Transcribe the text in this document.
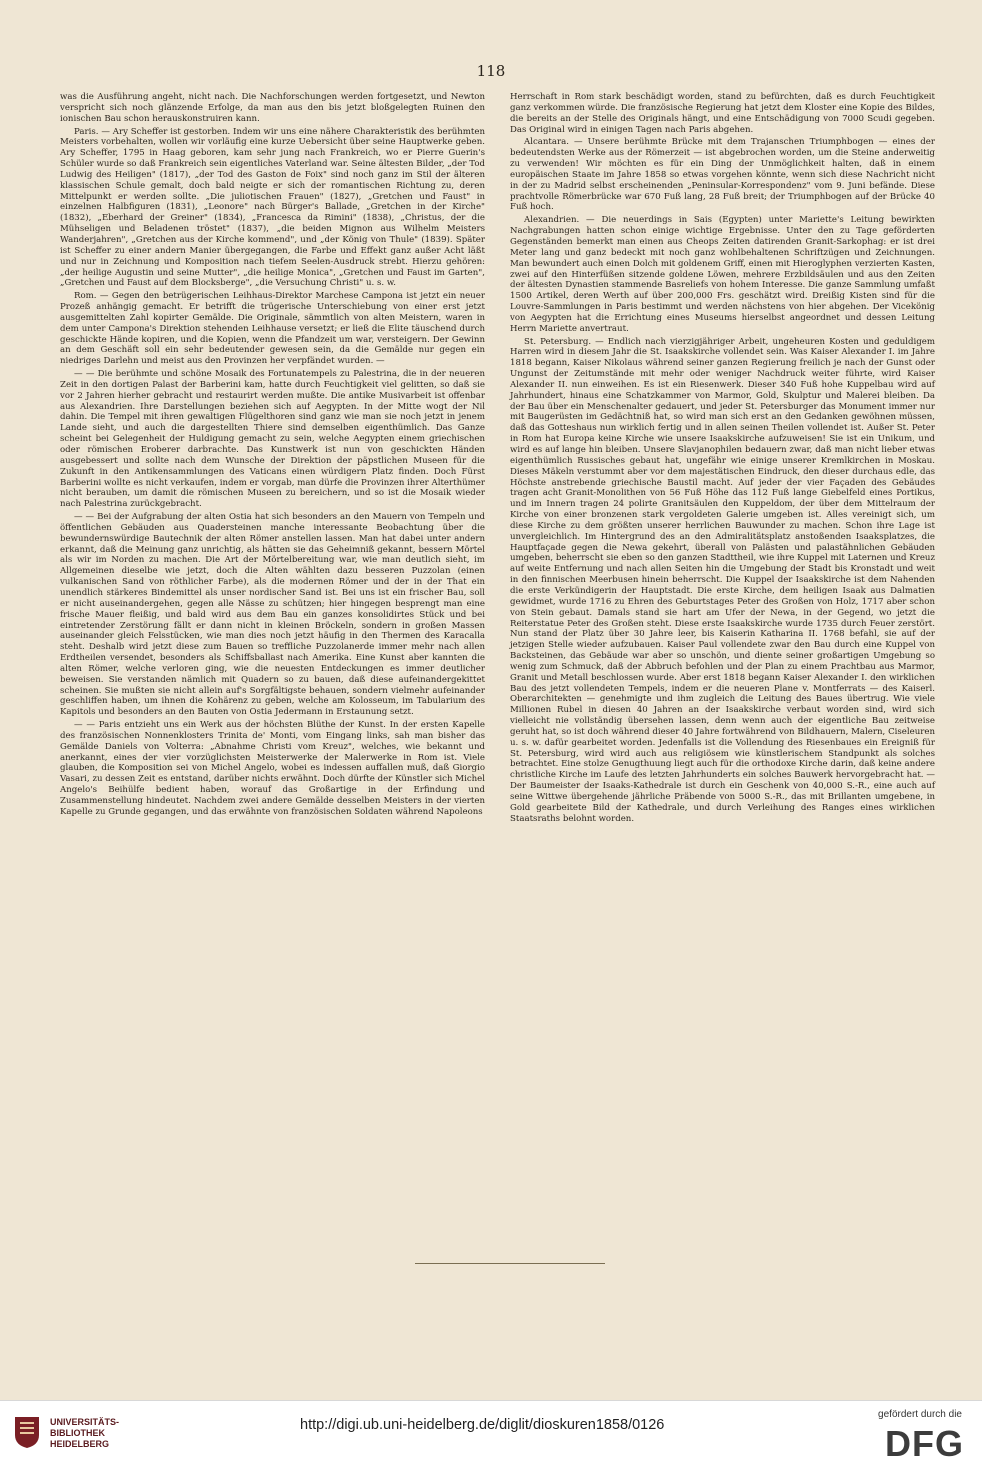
118

was die Ausführung angeht, nicht nach. Die Nachforschungen werden fortgesetzt, und Newton verspricht sich noch glänzende Erfolge, da man aus den bis jetzt bloßgelegten Ruinen den ionischen Bau schon herauskonstruiren kann.

Paris. — Ary Scheffer ist gestorben. Indem wir uns eine nähere Charakteristik des berühmten Meisters vorbehalten, wollen wir vorläufig eine kurze Uebersicht über seine Hauptwerke geben. Ary Scheffer, 1795 in Haag geboren, kam sehr jung nach Frankreich, wo er Pierre Guerin's Schüler wurde so daß Frankreich sein eigentliches Vaterland war. Seine ältesten Bilder, „der Tod Ludwig des Heiligen" (1817), „der Tod des Gaston de Foix" sind noch ganz im Stil der älteren klassischen Schule gemalt, doch bald neigte er sich der romantischen Richtung zu, deren Mittelpunkt er werden sollte. „Die juliotischen Frauen" (1827), „Gretchen und Faust" in einzelnen Halbfiguren (1831), „Leonore" nach Bürger's Ballade, „Gretchen in der Kirche" (1832), „Eberhard der Greiner" (1834), „Francesca da Rimini" (1838), „Christus, der die Mühseligen und Beladenen tröstet" (1837), „die beiden Mignon aus Wilhelm Meisters Wanderjahren", „Gretchen aus der Kirche kommend", und „der König von Thule" (1839). Später ist Scheffer zu einer andern Manier übergegangen, die Farbe und Effekt ganz außer Acht läßt und nur in Zeichnung und Komposition nach tiefem Seelen-Ausdruck strebt. Hierzu gehören: „der heilige Augustin und seine Mutter", „die heilige Monica", „Gretchen und Faust im Garten", „Gretchen und Faust auf dem Blocksberge", „die Versuchung Christi" u. s. w.

Rom. — Gegen den betrügerischen Leihhaus-Direktor Marchese Campona ist jetzt ein neuer Prozeß anhängig gemacht. Er betrifft die trügerische Unterschiebung von einer erst jetzt ausgemittelten Zahl kopirter Gemälde. Die Originale, sämmtlich von alten Meistern, waren in dem unter Campona's Direktion stehenden Leihhause versetzt; er ließ die Elite täuschend durch geschickte Hände kopiren, und die Kopien, wenn die Pfandzeit um war, versteigern. Der Gewinn an dem Geschäft soll ein sehr bedeutender gewesen sein, da die Gemälde nur gegen ein niedriges Darlehn und meist aus den Provinzen her verpfändet wurden. —

— — Die berühmte und schöne Mosaik des Fortunatempels zu Palestrina, die in der neueren Zeit in den dortigen Palast der Barberini kam, hatte durch Feuchtigkeit viel gelitten, so daß sie vor 2 Jahren hierher gebracht und restaurirt werden mußte. Die antike Musivarbeit ist offenbar aus Alexandrien. Ihre Darstellungen beziehen sich auf Aegypten. In der Mitte wogt der Nil dahin. Die Tempel mit ihren gewaltigen Flügelthoren sind ganz wie man sie noch jetzt in jenem Lande sieht, und auch die dargestellten Thiere sind demselben eigenthümlich. Das Ganze scheint bei Gelegenheit der Huldigung gemacht zu sein, welche Aegypten einem griechischen oder römischen Eroberer darbrachte. Das Kunstwerk ist nun von geschickten Händen ausgebessert und sollte nach dem Wunsche der Direktion der päpstlichen Museen für die Zukunft in den Antikensammlungen des Vaticans einen würdigern Platz finden. Doch Fürst Barberini wollte es nicht verkaufen, indem er vorgab, man dürfe die Provinzen ihrer Alterthümer nicht berauben, um damit die römischen Museen zu bereichern, und so ist die Mosaik wieder nach Palestrina zurückgebracht.

— — Bei der Aufgrabung der alten Ostia hat sich besonders an den Mauern von Tempeln und öffentlichen Gebäuden aus Quadersteinen manche interessante Beobachtung über die bewundernswürdige Bautechnik der alten Römer anstellen lassen. Man hat dabei unter andern erkannt, daß die Meinung ganz unrichtig, als hätten sie das Geheimniß gekannt, bessern Mörtel als wir im Norden zu machen. Die Art der Mörtelbereitung war, wie man deutlich sieht, im Allgemeinen dieselbe wie jetzt, doch die Alten wählten dazu besseren Puzzolan (einen vulkanischen Sand von röthlicher Farbe), als die modernen Römer und der in der That ein unendlich stärkeres Bindemittel als unser nordischer Sand ist. Bei uns ist ein frischer Bau, soll er nicht auseinandergehen, gegen alle Nässe zu schützen; hier hingegen besprengt man eine frische Mauer fleißig, und bald wird aus dem Bau ein ganzes konsolidirtes Stück und bei eintretender Zerstörung fällt er dann nicht in kleinen Bröckeln, sondern in großen Massen auseinander gleich Felsstücken, wie man dies noch jetzt häufig in den Thermen des Karacalla steht. Deshalb wird jetzt diese zum Bauen so treffliche Puzzolanerde immer mehr nach allen Erdtheilen versendet, besonders als Schiffsballast nach Amerika. Eine Kunst aber kannten die alten Römer, welche verloren ging, wie die neuesten Entdeckungen es immer deutlicher beweisen. Sie verstanden nämlich mit Quadern so zu bauen, daß diese aufeinandergekittet scheinen. Sie mußten sie nicht allein auf's Sorgfältigste behauen, sondern vielmehr aufeinander geschliffen haben, um ihnen die Kohärenz zu geben, welche am Kolosseum, im Tabularium des Kapitols und besonders an den Bauten von Ostia Jedermann in Erstaunung setzt.

— — Paris entzieht uns ein Werk aus der höchsten Blüthe der Kunst. In der ersten Kapelle des französischen Nonnenklosters Trinita de' Monti, vom Eingang links, sah man bisher das Gemälde Daniels von Volterra: „Abnahme Christi vom Kreuz", welches, wie bekannt und anerkannt, eines der vier vorzüglichsten Meisterwerke der Malerwerke in Rom ist. Viele glauben, die Komposition sei von Michel Angelo, wobei es indessen auffallen muß, daß Giorgio Vasari, zu dessen Zeit es entstand, darüber nichts erwähnt. Doch dürfte der Künstler sich Michel Angelo's Beihülfe bedient haben, worauf das Großartige in der Erfindung und Zusammenstellung hindeutet. Nachdem zwei andere Gemälde desselben Meisters in der vierten Kapelle zu Grunde gegangen, und das erwähnte von französischen Soldaten während Napoleons

Herrschaft in Rom stark beschädigt worden, stand zu befürchten, daß es durch Feuchtigkeit ganz verkommen würde. Die französische Regierung hat jetzt dem Kloster eine Kopie des Bildes, die bereits an der Stelle des Originals hängt, und eine Entschädigung von 7000 Scudi gegeben. Das Original wird in einigen Tagen nach Paris abgehen.

Alcantara. — Unsere berühmte Brücke mit dem Trajanschen Triumphbogen — eines der bedeutendsten Werke aus der Römerzeit — ist abgebrochen worden, um die Steine anderweitig zu verwenden! Wir möchten es für ein Ding der Unmöglichkeit halten, daß in einem europäischen Staate im Jahre 1858 so etwas vorgehen könnte, wenn sich diese Nachricht nicht in der zu Madrid selbst erscheinenden „Peninsular-Korrespondenz" vom 9. Juni befände. Diese prachtvolle Römerbrücke war 670 Fuß lang, 28 Fuß breit; der Triumphbogen auf der Brücke 40 Fuß hoch.

Alexandrien. — Die neuerdings in Sais (Egypten) unter Mariette's Leitung bewirkten Nachgrabungen hatten schon einige wichtige Ergebnisse. Unter den zu Tage geförderten Gegenständen bemerkt man einen aus Cheops Zeiten datirenden Granit-Sarkophag: er ist drei Meter lang und ganz bedeckt mit noch ganz wohlbehaltenen Schriftzügen und Zeichnungen. Man bewundert auch einen Dolch mit goldenem Griff, einen mit Hieroglyphen verzierten Kasten, zwei auf den Hinterfüßen sitzende goldene Löwen, mehrere Erzbildsäulen und aus den Zeiten der ältesten Dynastien stammende Basreliefs von hohem Interesse. Die ganze Sammlung umfaßt 1500 Artikel, deren Werth auf über 200,000 Frs. geschätzt wird. Dreißig Kisten sind für die Louvre-Sammlungen in Paris bestimmt und werden nächstens von hier abgehen. Der Vicekönig von Aegypten hat die Errichtung eines Museums hierselbst angeordnet und dessen Leitung Herrn Mariette anvertraut.

St. Petersburg. — Endlich nach vierzigjähriger Arbeit, ungeheuren Kosten und geduldigem Harren wird in diesem Jahr die St. Isaakskirche vollendet sein. Was Kaiser Alexander I. im Jahre 1818 begann, Kaiser Nikolaus während seiner ganzen Regierung freilich je nach der Gunst oder Ungunst der Zeitumstände mit mehr oder weniger Nachdruck weiter führte, wird Kaiser Alexander II. nun einweihen. Es ist ein Riesenwerk. Dieser 340 Fuß hohe Kuppelbau wird auf Jahrhundert, hinaus eine Schatzkammer von Marmor, Gold, Skulptur und Malerei bleiben. Da der Bau über ein Menschenalter gedauert, und jeder St. Petersburger das Monument immer nur mit Baugerüsten im Gedächtniß hat, so wird man sich erst an den Gedanken gewöhnen müssen, daß das Gotteshaus nun wirklich fertig und in allen seinen Theilen vollendet ist. Außer St. Peter in Rom hat Europa keine Kirche wie unsere Isaakskirche aufzuweisen! Sie ist ein Unikum, und wird es auf lange hin bleiben. Unsere Slavjanophilen bedauern zwar, daß man nicht lieber etwas eigenthümlich Russisches gebaut hat, ungefähr wie einige unserer Kremlkirchen in Moskau. Dieses Mäkeln verstummt aber vor dem majestätischen Eindruck, den dieser durchaus edle, das Höchste anstrebende griechische Baustil macht. Auf jeder der vier Façaden des Gebäudes tragen acht Granit-Monolithen von 56 Fuß Höhe das 112 Fuß lange Giebelfeld eines Portikus, und im Innern tragen 24 polirte Granitsäulen den Kuppeldom, der über dem Mittelraum der Kirche von einer bronzenen stark vergoldeten Galerie umgeben ist. Alles vereinigt sich, um diese Kirche zu dem größten unserer herrlichen Bauwunder zu machen. Schon ihre Lage ist unvergleichlich. Im Hintergrund des an den Admiralitätsplatz anstoßenden Isaaksplatzes, die Hauptfaçade gegen die Newa gekehrt, überall von Palästen und palastähnlichen Gebäuden umgeben, beherrscht sie eben so den ganzen Stadttheil, wie ihre Kuppel mit Laternen und Kreuz auf weite Entfernung und nach allen Seiten hin die Umgebung der Stadt bis Kronstadt und weit in den finnischen Meerbusen hinein beherrscht. Die Kuppel der Isaakskirche ist dem Nahenden die erste Verkündigerin der Hauptstadt. Die erste Kirche, dem heiligen Isaak aus Dalmatien gewidmet, wurde 1716 zu Ehren des Geburtstages Peter des Großen von Holz, 1717 aber schon von Stein gebaut. Damals stand sie hart am Ufer der Newa, in der Gegend, wo jetzt die Reiterstatue Peter des Großen steht. Diese erste Isaakskirche wurde 1735 durch Feuer zerstört. Nun stand der Platz über 30 Jahre leer, bis Kaiserin Katharina II. 1768 befahl, sie auf der jetzigen Stelle wieder aufzubauen. Kaiser Paul vollendete zwar den Bau durch eine Kuppel von Backsteinen, das Gebäude war aber so unschön, und diente seiner großartigen Umgebung so wenig zum Schmuck, daß der Abbruch befohlen und der Plan zu einem Prachtbau aus Marmor, Granit und Metall beschlossen wurde. Aber erst 1818 begann Kaiser Alexander I. den wirklichen Bau des jetzt vollendeten Tempels, indem er die neueren Plane v. Montferrats — des Kaiserl. Oberarchitekten — genehmigte und ihm zugleich die Leitung des Baues übertrug. Wie viele Millionen Rubel in diesen 40 Jahren an der Isaakskirche verbaut worden sind, wird sich vielleicht nie vollständig übersehen lassen, denn wenn auch der eigentliche Bau zeitweise geruht hat, so ist doch während dieser 40 Jahre fortwährend von Bildhauern, Malern, Ciseleuren u. s. w. dafür gearbeitet worden. Jedenfalls ist die Vollendung des Riesenbaues ein Ereigniß für St. Petersburg, wird wird auch aus religiösem wie künstlerischem Standpunkt als solches betrachtet. Eine stolze Genugthuung liegt auch für die orthodoxe Kirche darin, daß keine andere christliche Kirche im Laufe des letzten Jahrhunderts ein solches Bauwerk hervorgebracht hat. — Der Baumeister der Isaaks-Kathedrale ist durch ein Geschenk von 40,000 S.-R., eine auch auf seine Wittwe übergehende jährliche Präbende von 5000 S.-R., das mit Brillanten umgebene, in Gold gearbeitete Bild der Kathedrale, und durch Verleihung des Ranges eines wirklichen Staatsraths belohnt worden.

UNIVERSITÄTS-
BIBLIOTHEK
HEIDELBERG
http://digi.ub.uni-heidelberg.de/diglit/dioskuren1858/0126
gefördert durch die
DFG
